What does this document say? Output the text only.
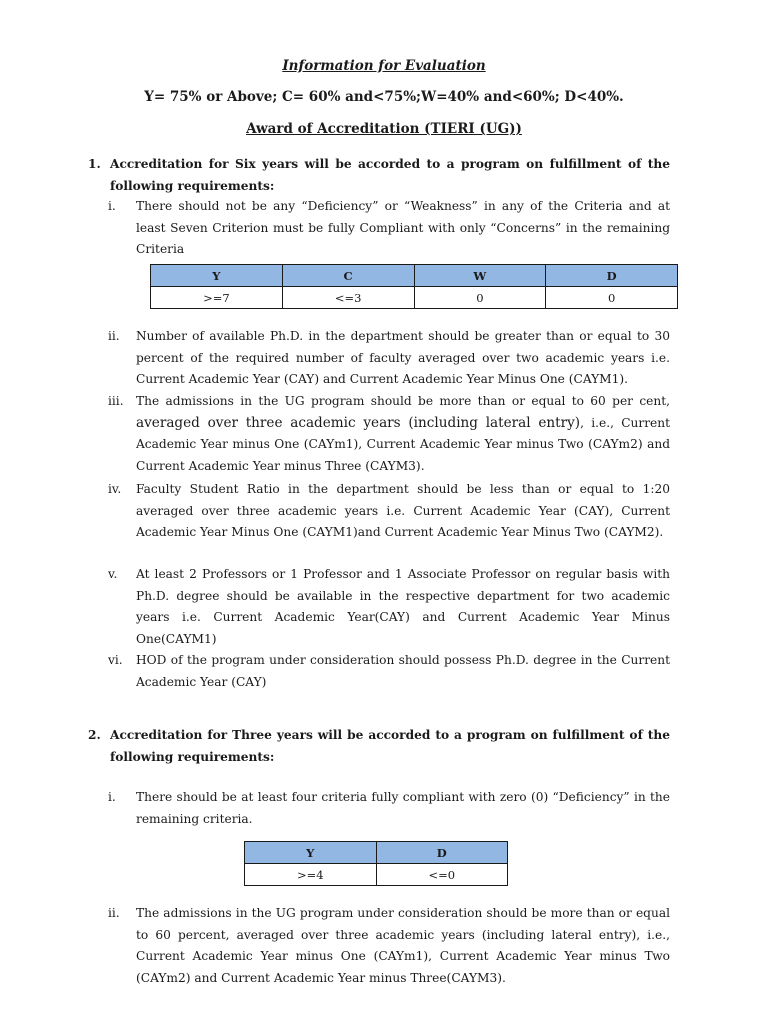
Information for Evaluation
Y= 75% or Above; C= 60% and<75%;W=40% and<60%; D<40%.
Award of Accreditation (TIERI (UG))
1. Accreditation for Six years will be accorded to a program on fulfillment of the following requirements:
i.	There should not be any “Deficiency” or “Weakness” in any of the Criteria and at least Seven Criterion must be fully Compliant with only “Concerns” in the remaining Criteria
Y	C	W	D
>=7	<=3	0	0
ii.	Number of available Ph.D. in the department should be greater than or equal to 30 percent of the required number of faculty averaged over two academic years i.e. Current Academic Year (CAY) and Current Academic Year Minus One (CAYM1).
iii.	The admissions in the UG program should be more than or equal to 60 per cent, averaged over three academic years (including lateral entry), i.e., Current Academic Year minus One (CAYm1), Current Academic Year minus Two (CAYm2) and Current Academic Year minus Three (CAYM3).
iv.	Faculty Student Ratio in the department should be less than or equal to 1:20 averaged over three academic years i.e. Current Academic Year (CAY), Current Academic Year Minus One (CAYM1)and Current Academic Year Minus Two (CAYM2).
v.	At least 2 Professors or 1 Professor and 1 Associate Professor on regular basis with Ph.D. degree should be available in the respective department for two academic years i.e. Current Academic Year(CAY) and Current Academic Year Minus One(CAYM1)
vi.	HOD of the program under consideration should possess Ph.D. degree in the Current Academic Year (CAY)
2. Accreditation for Three years will be accorded to a program on fulfillment of the following requirements:
i.	There should be at least four criteria fully compliant with zero (0) “Deficiency” in the remaining criteria.
Y	D
>=4	<=0
ii.	The admissions in the UG program under consideration should be more than or equal to 60 percent, averaged over three academic years (including lateral entry), i.e., Current Academic Year minus One (CAYm1), Current Academic Year minus Two (CAYm2) and Current Academic Year minus Three(CAYM3).
